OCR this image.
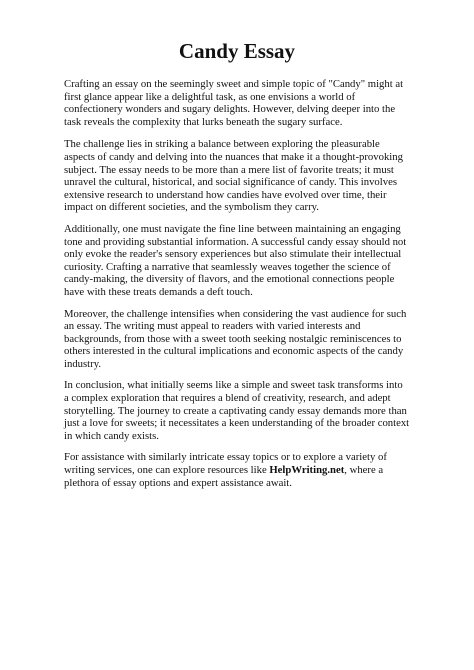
Candy Essay

Crafting an essay on the seemingly sweet and simple topic of "Candy" might at first glance appear like a delightful task, as one envisions a world of confectionery wonders and sugary delights. However, delving deeper into the task reveals the complexity that lurks beneath the sugary surface.

The challenge lies in striking a balance between exploring the pleasurable aspects of candy and delving into the nuances that make it a thought-provoking subject. The essay needs to be more than a mere list of favorite treats; it must unravel the cultural, historical, and social significance of candy. This involves extensive research to understand how candies have evolved over time, their impact on different societies, and the symbolism they carry.

Additionally, one must navigate the fine line between maintaining an engaging tone and providing substantial information. A successful candy essay should not only evoke the reader's sensory experiences but also stimulate their intellectual curiosity. Crafting a narrative that seamlessly weaves together the science of candy-making, the diversity of flavors, and the emotional connections people have with these treats demands a deft touch.

Moreover, the challenge intensifies when considering the vast audience for such an essay. The writing must appeal to readers with varied interests and backgrounds, from those with a sweet tooth seeking nostalgic reminiscences to others interested in the cultural implications and economic aspects of the candy industry.

In conclusion, what initially seems like a simple and sweet task transforms into a complex exploration that requires a blend of creativity, research, and adept storytelling. The journey to create a captivating candy essay demands more than just a love for sweets; it necessitates a keen understanding of the broader context in which candy exists.

For assistance with similarly intricate essay topics or to explore a variety of writing services, one can explore resources like HelpWriting.net, where a plethora of essay options and expert assistance await.
